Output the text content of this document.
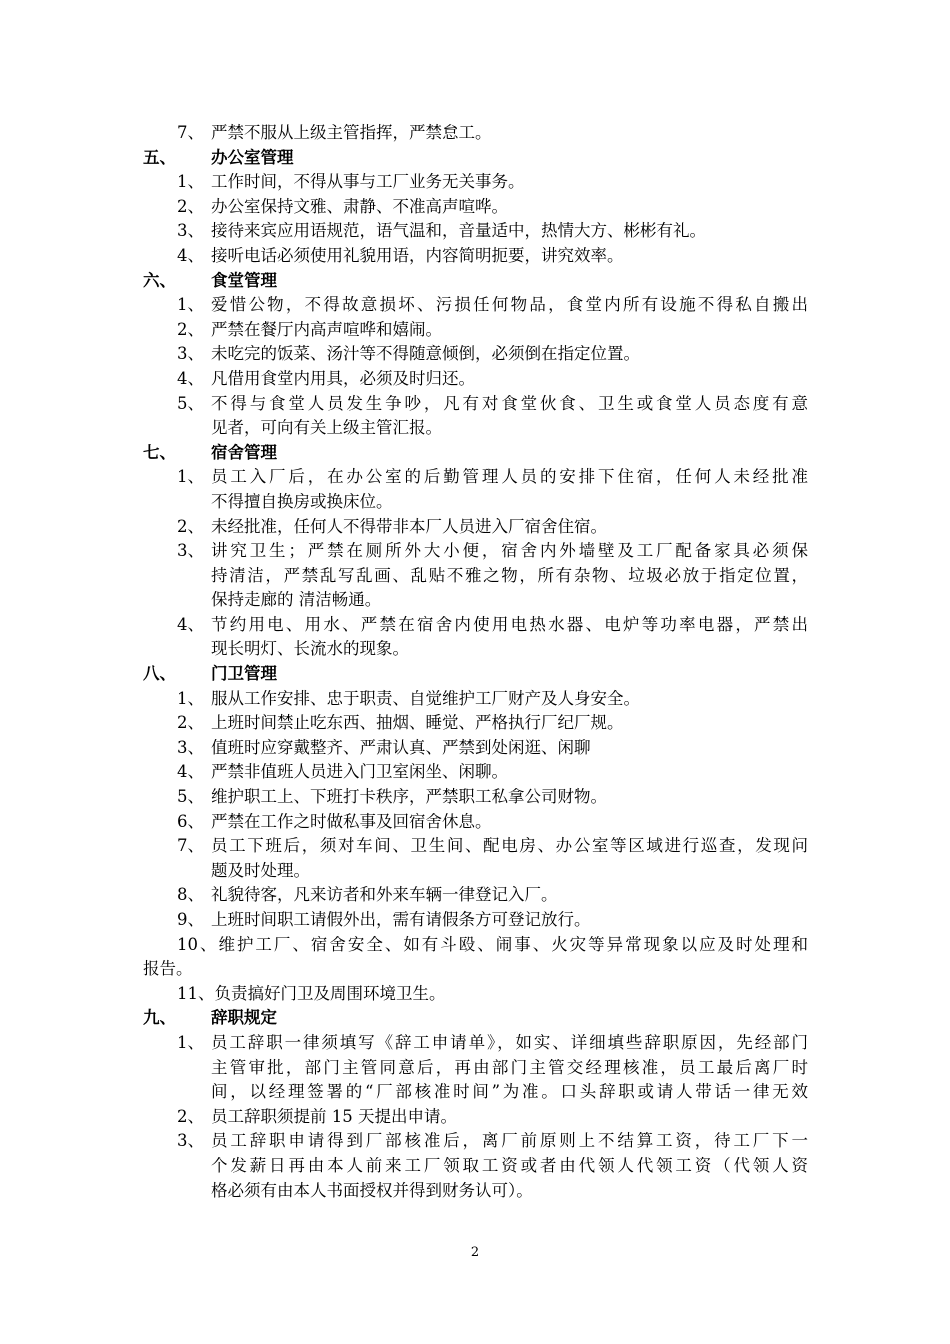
7、 严禁不服从上级主管指挥，严禁怠工。
五、 办公室管理
1、 工作时间，不得从事与工厂业务无关事务。
2、 办公室保持文雅、肃静、不准高声喧哗。
3、 接待来宾应用语规范，语气温和，音量适中，热情大方、彬彬有礼。
4、 接听电话必须使用礼貌用语，内容简明扼要，讲究效率。
六、 食堂管理
1、 爱惜公物，不得故意损坏、污损任何物品，食堂内所有设施不得私自搬出
2、 严禁在餐厅内高声喧哗和嬉闹。
3、 未吃完的饭菜、汤汁等不得随意倾倒，必须倒在指定位置。
4、 凡借用食堂内用具，必须及时归还。
5、 不得与食堂人员发生争吵，凡有对食堂伙食、卫生或食堂人员态度有意
见者，可向有关上级主管汇报。
七、 宿舍管理
1、 员工入厂后，在办公室的后勤管理人员的安排下住宿，任何人未经批准
不得擅自换房或换床位。
2、 未经批准，任何人不得带非本厂人员进入厂宿舍住宿。
3、 讲究卫生；严禁在厕所外大小便，宿舍内外墙壁及工厂配备家具必须保
持清洁，严禁乱写乱画、乱贴不雅之物，所有杂物、垃圾必放于指定位置，
保持走廊的 清洁畅通。
4、 节约用电、用水、严禁在宿舍内使用电热水器、电炉等功率电器，严禁出
现长明灯、长流水的现象。
八、 门卫管理
1、 服从工作安排、忠于职责、自觉维护工厂财产及人身安全。
2、 上班时间禁止吃东西、抽烟、睡觉、严格执行厂纪厂规。
3、 值班时应穿戴整齐、严肃认真、严禁到处闲逛、闲聊
4、 严禁非值班人员进入门卫室闲坐、闲聊。
5、 维护职工上、下班打卡秩序，严禁职工私拿公司财物。
6、 严禁在工作之时做私事及回宿舍休息。
7、 员工下班后，须对车间、卫生间、配电房、办公室等区域进行巡查，发现问
题及时处理。
8、 礼貌待客，凡来访者和外来车辆一律登记入厂。
9、 上班时间职工请假外出，需有请假条方可登记放行。
10、维护工厂、宿舍安全、如有斗殴、闹事、火灾等异常现象以应及时处理和
报告。
11、负责搞好门卫及周围环境卫生。
九、 辞职规定
1、 员工辞职一律须填写《辞工申请单》，如实、详细填些辞职原因，先经部门
主管审批，部门主管同意后，再由部门主管交经理核准，员工最后离厂时
间，以经理签署的“厂部核准时间”为准。口头辞职或请人带话一律无效
2、 员工辞职须提前 15 天提出申请。
3、 员工辞职申请得到厂部核准后，离厂前原则上不结算工资，待工厂下一
个发薪日再由本人前来工厂领取工资或者由代领人代领工资（代领人资
格必须有由本人书面授权并得到财务认可）。
2
